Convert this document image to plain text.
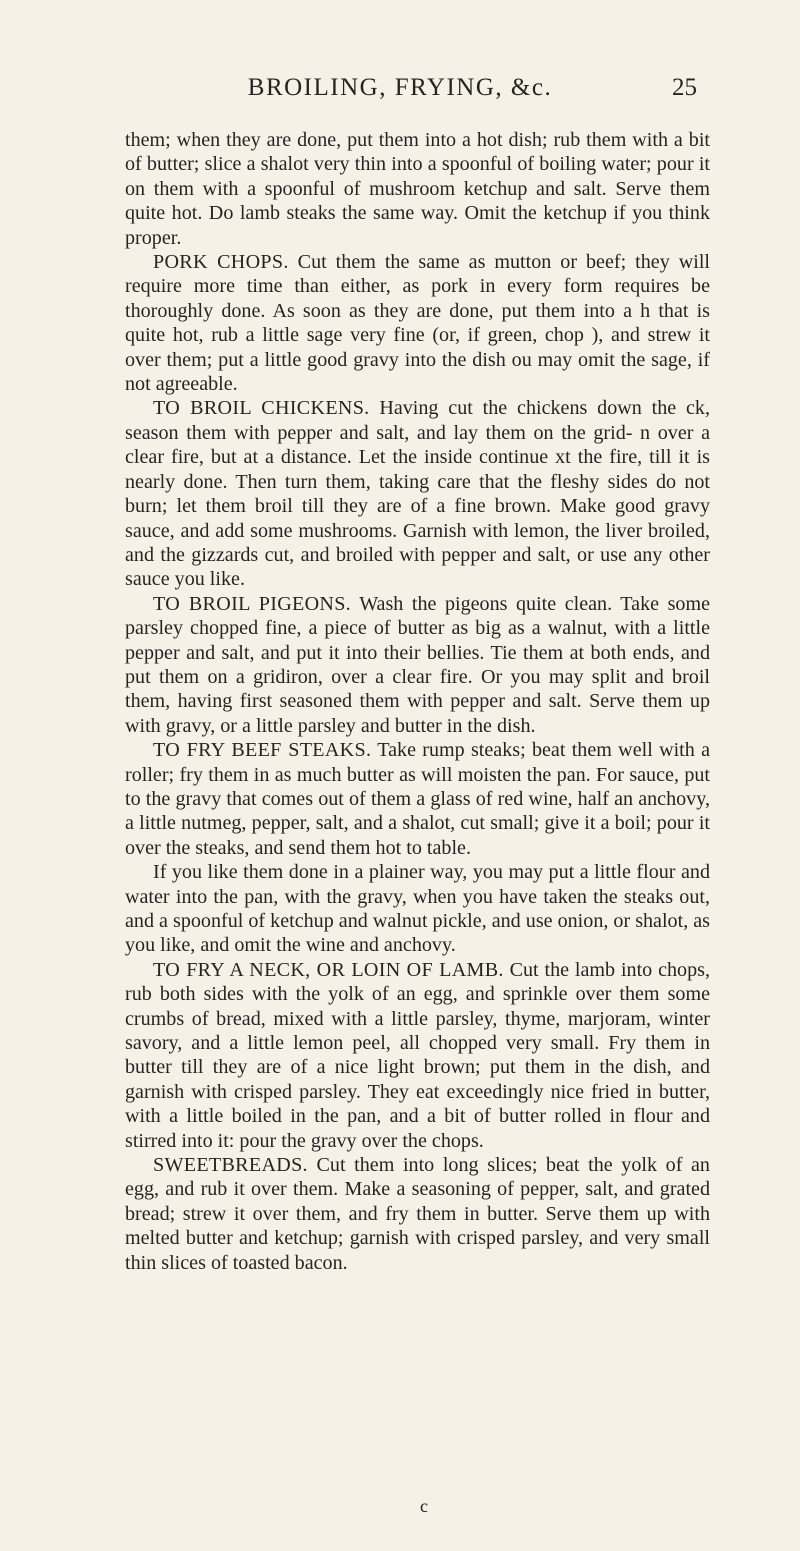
BROILING, FRYING, &c.	25

them; when they are done, put them into a hot dish; rub them with a bit of butter; slice a shalot very thin into a spoonful of boiling water; pour it on them with a spoonful of mushroom ketchup and salt. Serve them quite hot. Do lamb steaks the same way. Omit the ketchup if you think proper.

PORK CHOPS. Cut them the same as mutton or beef; they will require more time than either, as pork in every form requires be thoroughly done. As soon as they are done, put them into a h that is quite hot, rub a little sage very fine (or, if green, chop ), and strew it over them; put a little good gravy into the dish ou may omit the sage, if not agreeable.

TO BROIL CHICKENS. Having cut the chickens down the ck, season them with pepper and salt, and lay them on the grid- n over a clear fire, but at a distance. Let the inside continue xt the fire, till it is nearly done. Then turn them, taking care that the fleshy sides do not burn; let them broil till they are of a fine brown. Make good gravy sauce, and add some mushrooms. Garnish with lemon, the liver broiled, and the gizzards cut, and broiled with pepper and salt, or use any other sauce you like.

TO BROIL PIGEONS. Wash the pigeons quite clean. Take some parsley chopped fine, a piece of butter as big as a walnut, with a little pepper and salt, and put it into their bellies. Tie them at both ends, and put them on a gridiron, over a clear fire. Or you may split and broil them, having first seasoned them with pepper and salt. Serve them up with gravy, or a little parsley and butter in the dish.

TO FRY BEEF STEAKS. Take rump steaks; beat them well with a roller; fry them in as much butter as will moisten the pan. For sauce, put to the gravy that comes out of them a glass of red wine, half an anchovy, a little nutmeg, pepper, salt, and a shalot, cut small; give it a boil; pour it over the steaks, and send them hot to table.

If you like them done in a plainer way, you may put a little flour and water into the pan, with the gravy, when you have taken the steaks out, and a spoonful of ketchup and walnut pickle, and use onion, or shalot, as you like, and omit the wine and anchovy.

TO FRY A NECK, OR LOIN OF LAMB. Cut the lamb into chops, rub both sides with the yolk of an egg, and sprinkle over them some crumbs of bread, mixed with a little parsley, thyme, marjoram, winter savory, and a little lemon peel, all chopped very small. Fry them in butter till they are of a nice light brown; put them in the dish, and garnish with crisped parsley. They eat exceedingly nice fried in butter, with a little boiled in the pan, and a bit of butter rolled in flour and stirred into it: pour the gravy over the chops.

SWEETBREADS. Cut them into long slices; beat the yolk of an egg, and rub it over them. Make a seasoning of pepper, salt, and grated bread; strew it over them, and fry them in butter. Serve them up with melted butter and ketchup; garnish with crisped parsley, and very small thin slices of toasted bacon.

c
